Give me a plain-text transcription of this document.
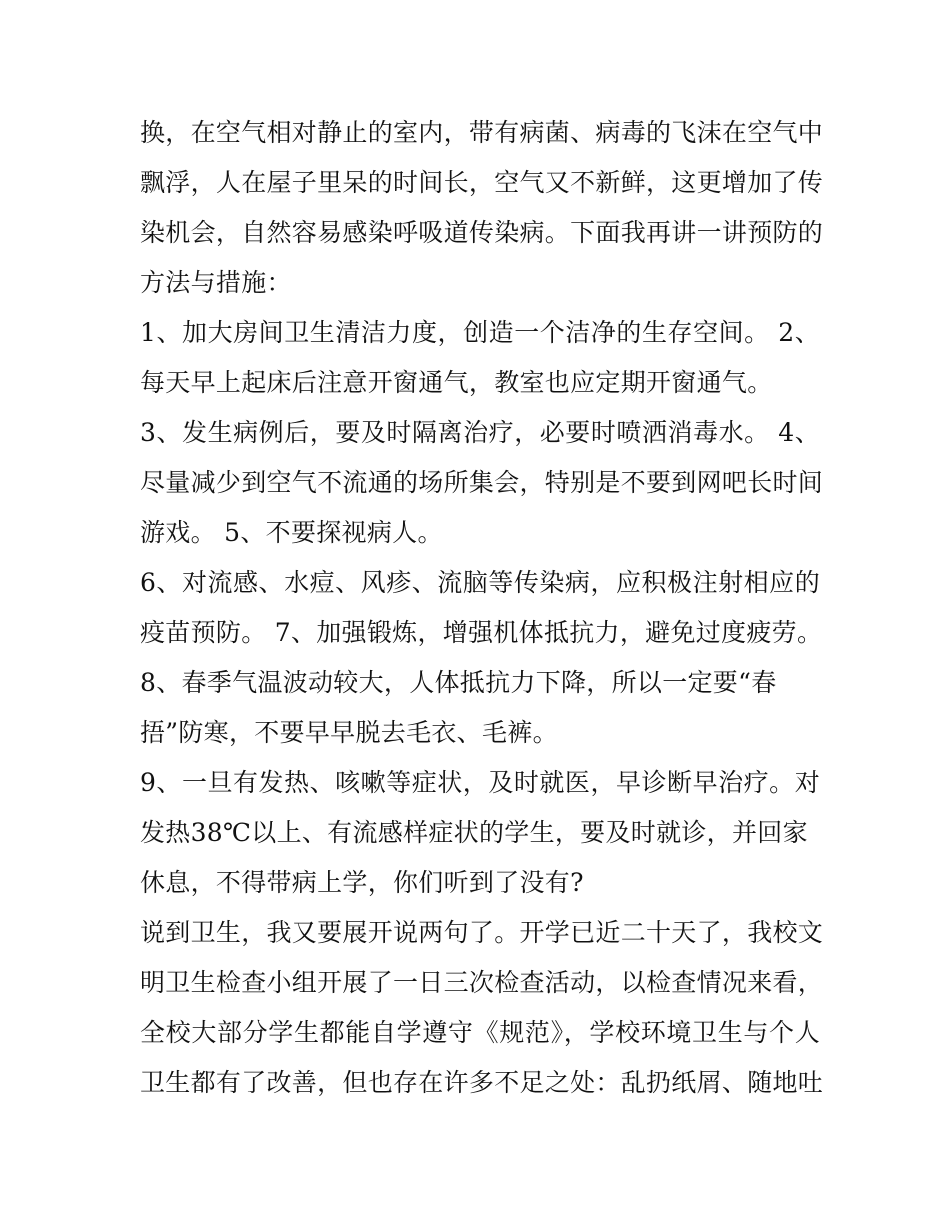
换，在空气相对静止的室内，带有病菌、病毒的飞沫在空气中
飘浮，人在屋子里呆的时间长，空气又不新鲜，这更增加了传
染机会，自然容易感染呼吸道传染病。下面我再讲一讲预防的
方法与措施：
1、加大房间卫生清洁力度，创造一个洁净的生存空间。 2、
每天早上起床后注意开窗通气，教室也应定期开窗通气。
3、发生病例后，要及时隔离治疗，必要时喷洒消毒水。 4、
尽量减少到空气不流通的场所集会，特别是不要到网吧长时间
游戏。 5、不要探视病人。
6、对流感、水痘、风疹、流脑等传染病，应积极注射相应的
疫苗预防。 7、加强锻炼，增强机体抵抗力，避免过度疲劳。
8、春季气温波动较大，人体抵抗力下降，所以一定要“春
捂”防寒，不要早早脱去毛衣、毛裤。
9、一旦有发热、咳嗽等症状，及时就医，早诊断早治疗。对
发热38℃以上、有流感样症状的学生，要及时就诊，并回家
休息，不得带病上学，你们听到了没有?
说到卫生，我又要展开说两句了。开学已近二十天了，我校文
明卫生检查小组开展了一日三次检查活动，以检查情况来看，
全校大部分学生都能自学遵守《规范》，学校环境卫生与个人
卫生都有了改善，但也存在许多不足之处：乱扔纸屑、随地吐
